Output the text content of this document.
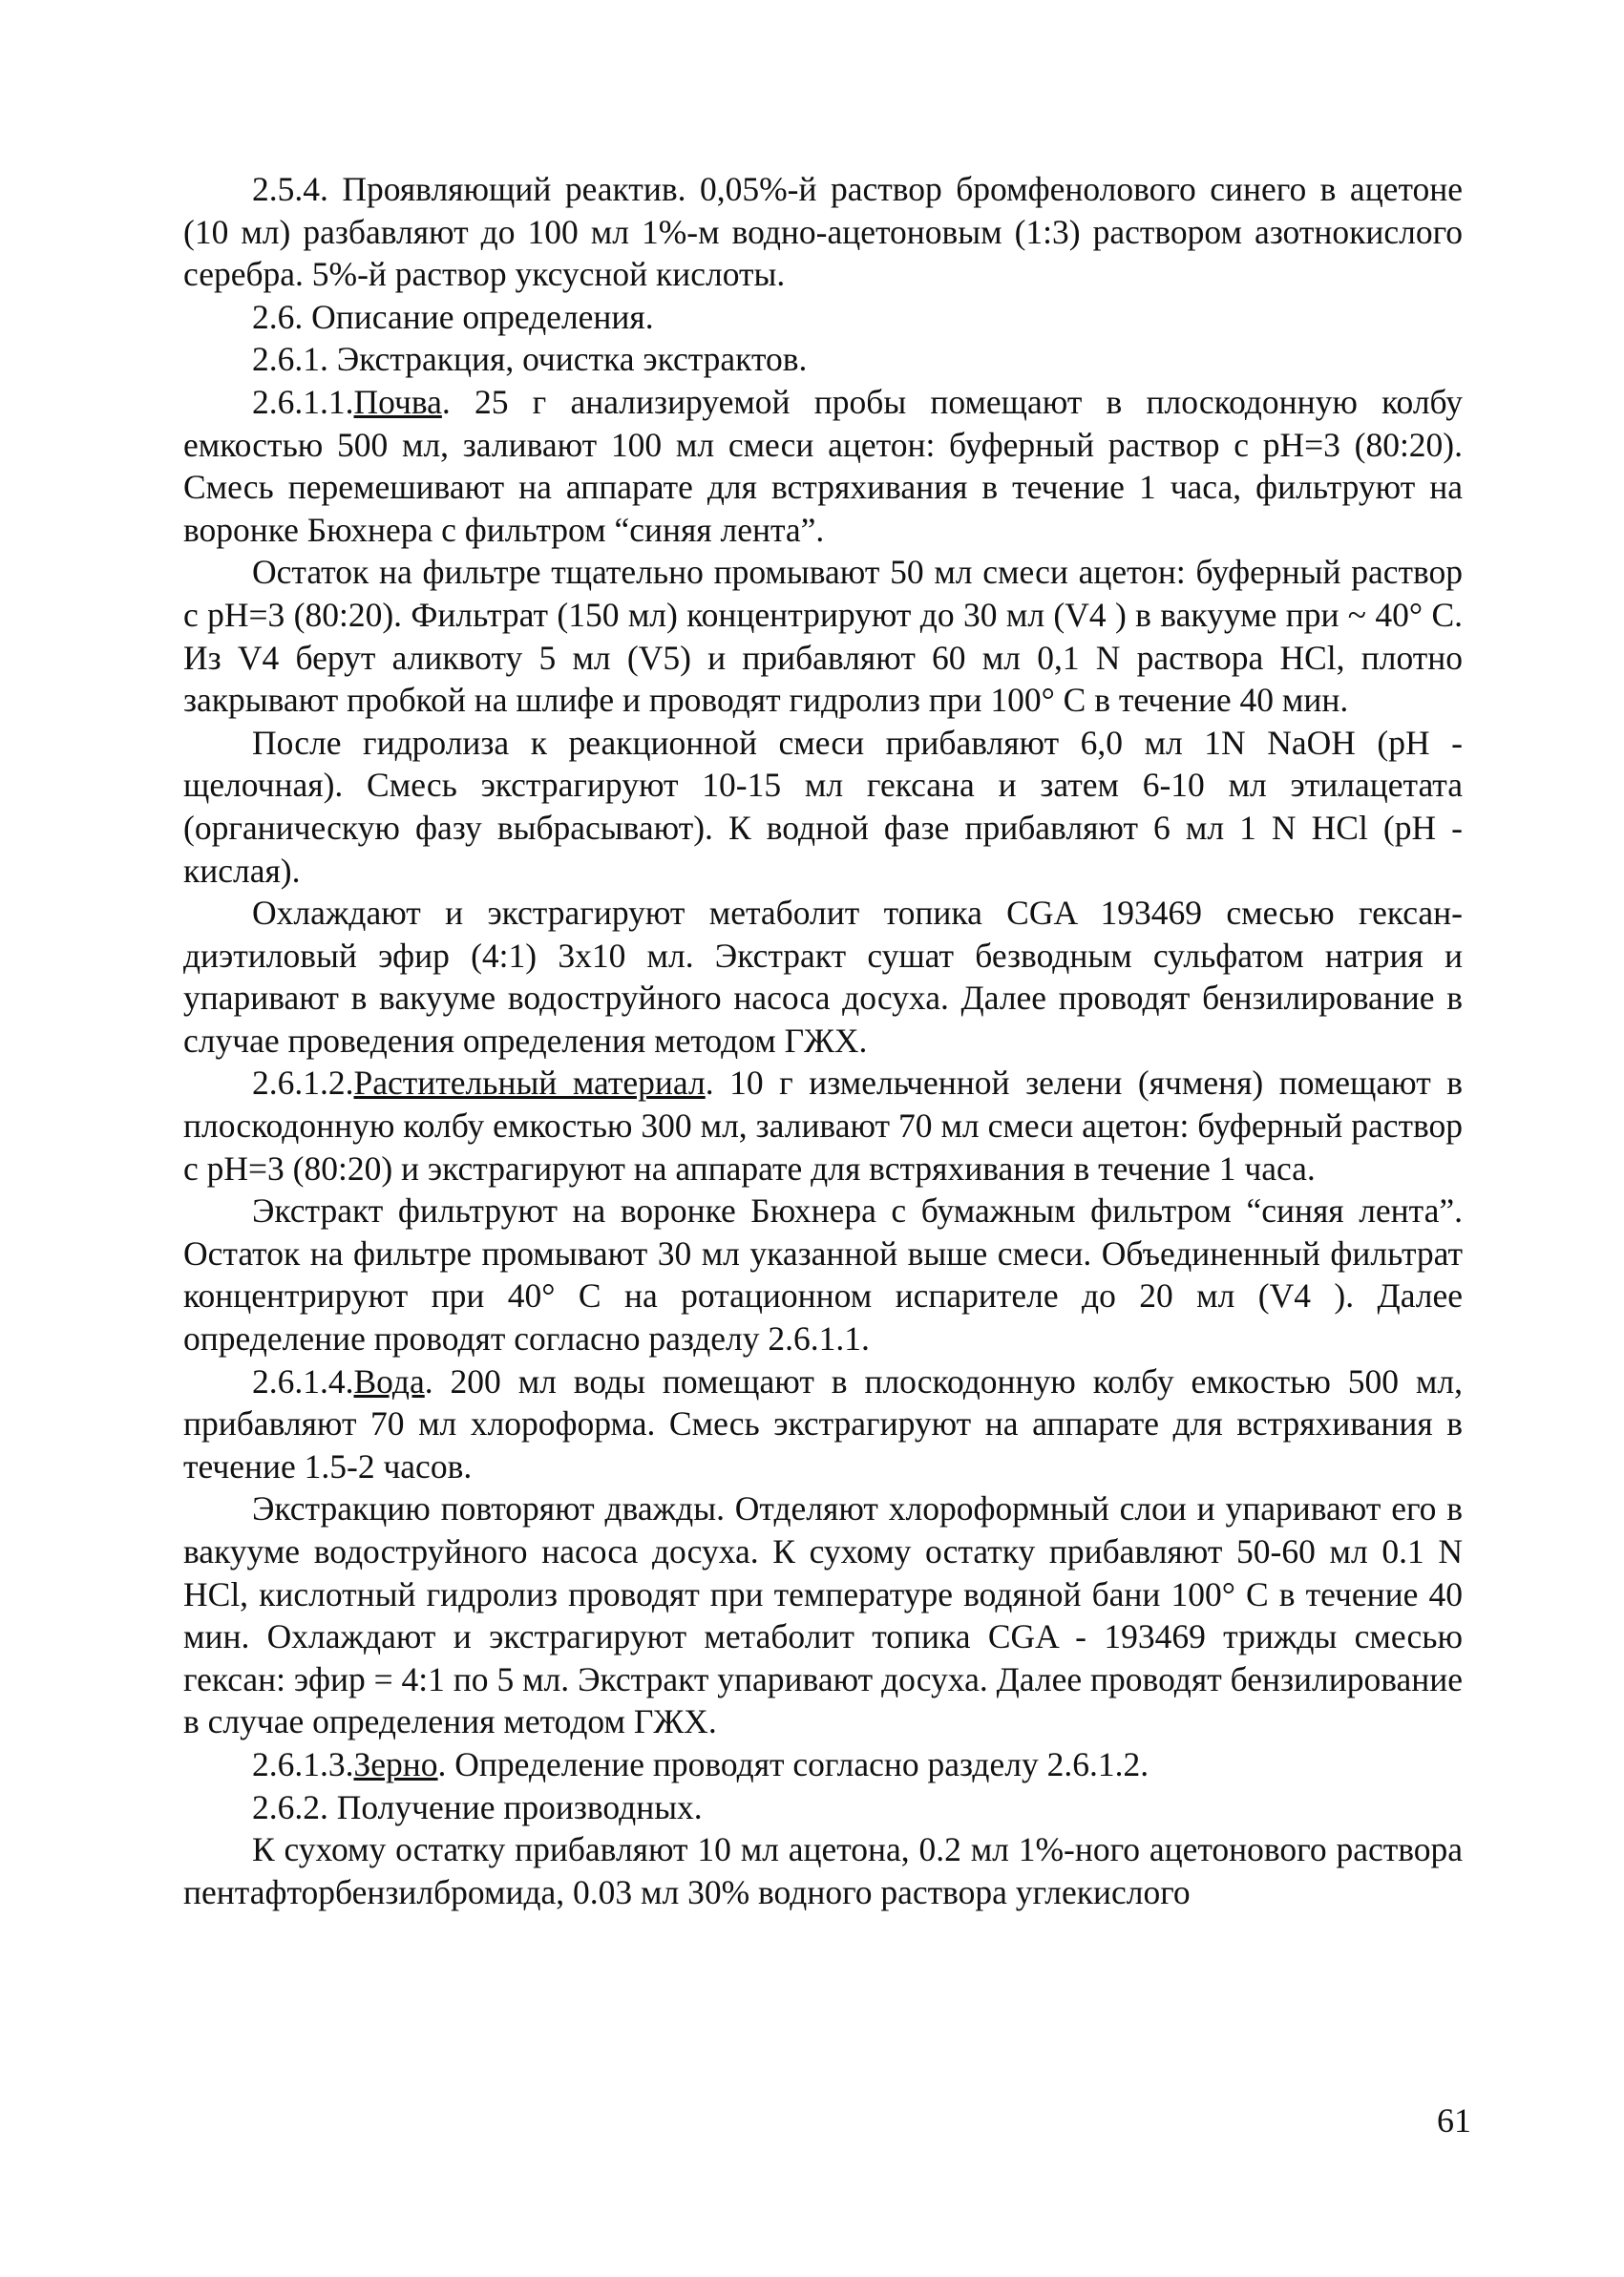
2.5.4. Проявляющий реактив. 0,05%-й раствор бромфенолового синего в ацетоне (10 мл) разбавляют до 100 мл 1%-м водно-ацетоновым (1:3) раствором азотнокислого серебра. 5%-й раствор уксусной кислоты.

2.6. Описание определения.

2.6.1. Экстракция, очистка экстрактов.

2.6.1.1.Почва. 25 г анализируемой пробы помещают в плоскодонную колбу емкостью 500 мл, заливают 100 мл смеси ацетон: буферный раствор с pH=3 (80:20). Смесь перемешивают на аппарате для встряхивания в течение 1 часа, фильтруют на воронке Бюхнера с фильтром “синяя лента”.

Остаток на фильтре тщательно промывают 50 мл смеси ацетон: буферный раствор с pH=3 (80:20). Фильтрат (150 мл) концентрируют до 30 мл (V4 ) в вакууме при ~ 40° С. Из V4 берут аликвоту 5 мл (V5) и прибавляют 60 мл 0,1 N раствора HCl, плотно закрывают пробкой на шлифе и проводят гидролиз при 100° С в течение 40 мин.

После гидролиза к реакционной смеси прибавляют 6,0 мл 1N NaOH (pH - щелочная). Смесь экстрагируют 10-15 мл гексана и затем 6-10 мл этилацетата (органическую фазу выбрасывают). К водной фазе прибавляют 6 мл 1 N HCl (pH - кислая).

Охлаждают и экстрагируют метаболит топика CGA 193469 смесью гексан-диэтиловый эфир (4:1) 3x10 мл. Экстракт сушат безводным сульфатом натрия и упаривают в вакууме водоструйного насоса досуха. Далее проводят бензилирование в случае проведения определения методом ГЖХ.

2.6.1.2.Растительный материал. 10 г измельченной зелени (ячменя) помещают в плоскодонную колбу емкостью 300 мл, заливают 70 мл смеси ацетон: буферный раствор с pH=3 (80:20) и экстрагируют на аппарате для встряхивания в течение 1 часа.

Экстракт фильтруют на воронке Бюхнера с бумажным фильтром “синяя лента”. Остаток на фильтре промывают 30 мл указанной выше смеси. Объединенный фильтрат концентрируют при 40° С на ротационном испарителе до 20 мл (V4 ). Далее определение проводят согласно разделу 2.6.1.1.

2.6.1.4.Вода. 200 мл воды помещают в плоскодонную колбу емкостью 500 мл, прибавляют 70 мл хлороформа. Смесь экстрагируют на аппарате для встряхивания в течение 1.5-2 часов.

Экстракцию повторяют дважды. Отделяют хлороформный слои и упаривают его в вакууме водоструйного насоса досуха. К сухому остатку прибавляют 50-60 мл 0.1 N HCl, кислотный гидролиз проводят при температуре водяной бани 100° С в течение 40 мин. Охлаждают и экстрагируют метаболит топика CGA - 193469 трижды смесью гексан: эфир = 4:1 по 5 мл. Экстракт упаривают досуха. Далее проводят бензилирование в случае определения методом ГЖХ.

2.6.1.3.Зерно. Определение проводят согласно разделу 2.6.1.2.

2.6.2. Получение производных.

К сухому остатку прибавляют 10 мл ацетона, 0.2 мл 1%-ного ацетонового раствора пентафторбензилбромида, 0.03 мл 30% водного раствора углекислого

61
